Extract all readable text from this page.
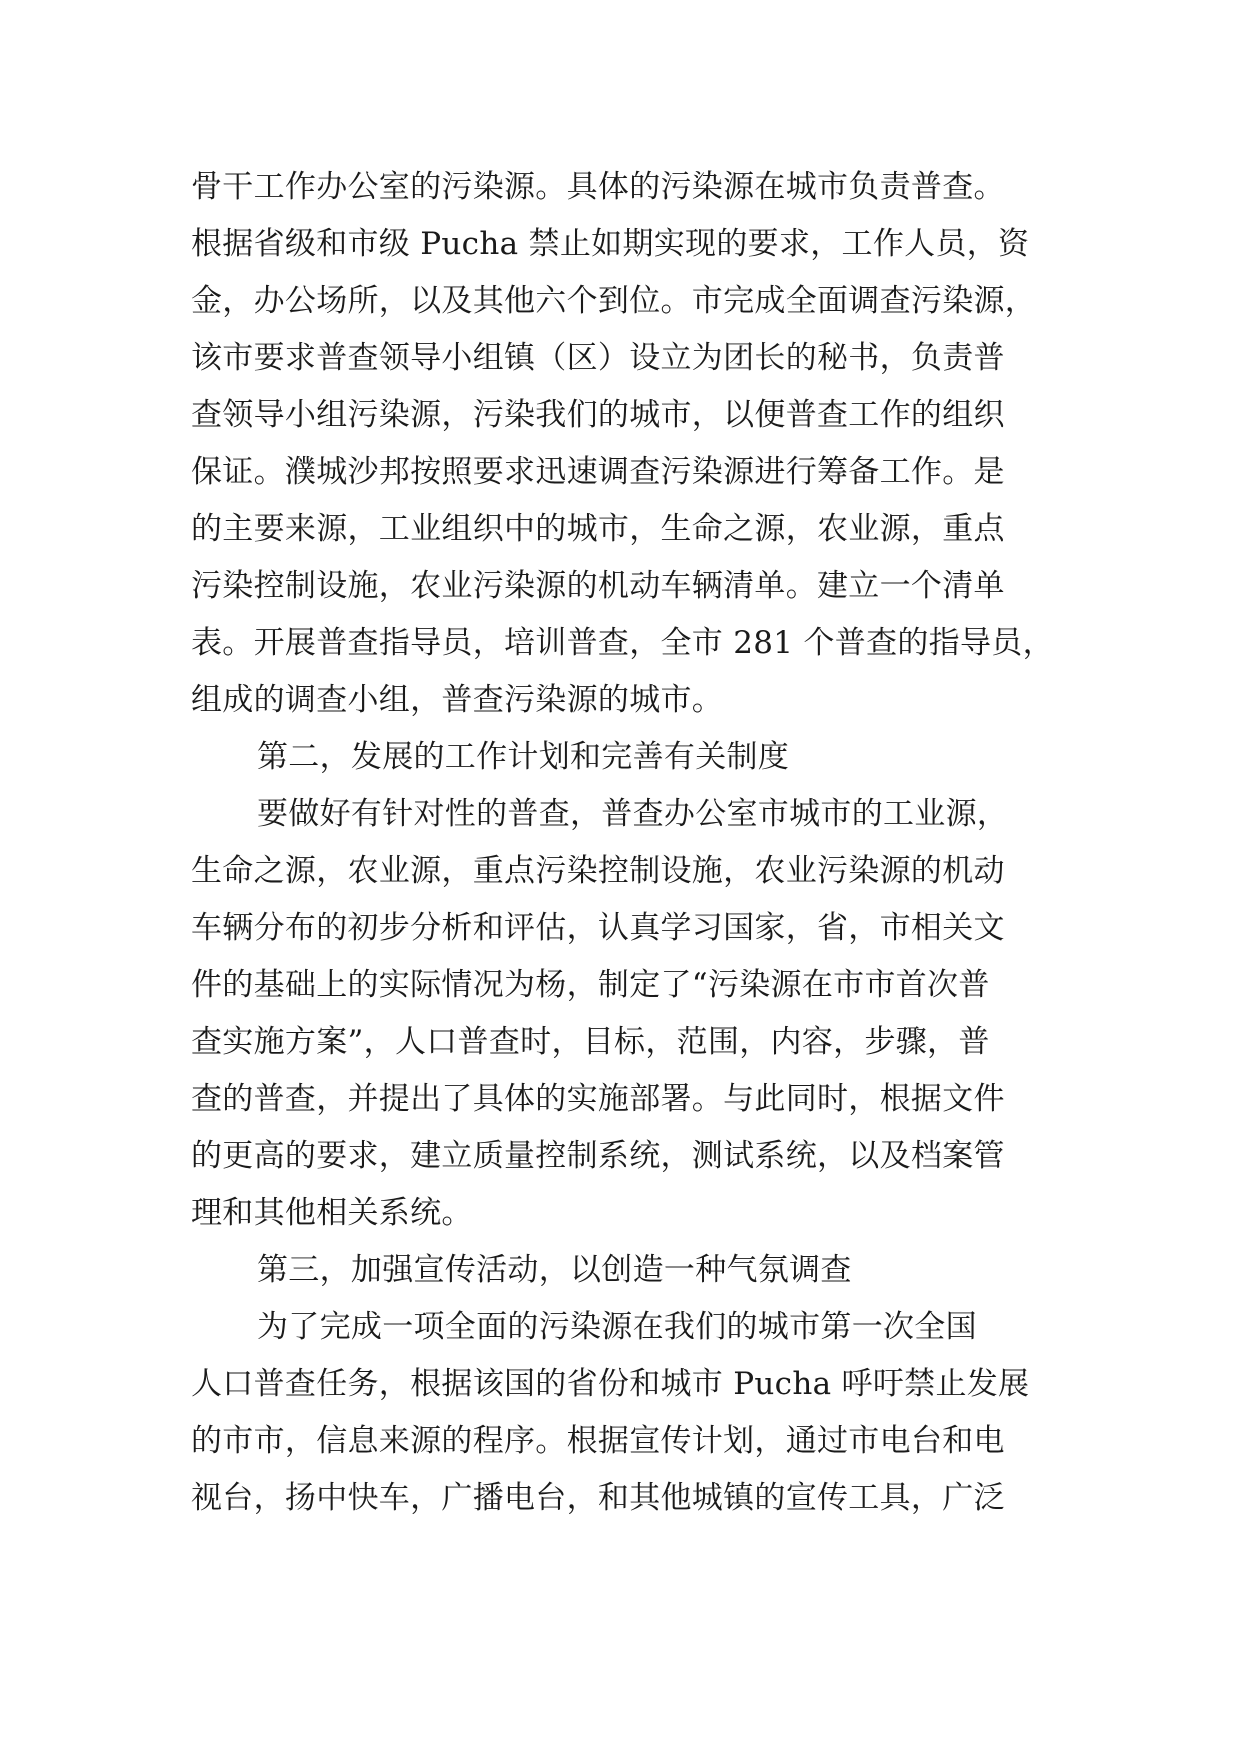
骨干工作办公室的污染源。具体的污染源在城市负责普查。
根据省级和市级 Pucha 禁止如期实现的要求，工作人员，资
金，办公场所，以及其他六个到位。市完成全面调查污染源，
该市要求普查领导小组镇（区）设立为团长的秘书，负责普
查领导小组污染源，污染我们的城市，以便普查工作的组织
保证。濮城沙邦按照要求迅速调查污染源进行筹备工作。是
的主要来源，工业组织中的城市，生命之源，农业源，重点
污染控制设施，农业污染源的机动车辆清单。建立一个清单
表。开展普查指导员，培训普查，全市 281 个普查的指导员，
组成的调查小组，普查污染源的城市。
第二，发展的工作计划和完善有关制度
要做好有针对性的普查，普查办公室市城市的工业源，
生命之源，农业源，重点污染控制设施，农业污染源的机动
车辆分布的初步分析和评估，认真学习国家，省，市相关文
件的基础上的实际情况为杨，制定了“污染源在市市首次普
查实施方案”，人口普查时，目标，范围，内容，步骤，普
查的普查，并提出了具体的实施部署。与此同时，根据文件
的更高的要求，建立质量控制系统，测试系统，以及档案管
理和其他相关系统。
第三，加强宣传活动，以创造一种气氛调查
为了完成一项全面的污染源在我们的城市第一次全国
人口普查任务，根据该国的省份和城市 Pucha 呼吁禁止发展
的市市，信息来源的程序。根据宣传计划，通过市电台和电
视台，扬中快车，广播电台，和其他城镇的宣传工具，广泛
